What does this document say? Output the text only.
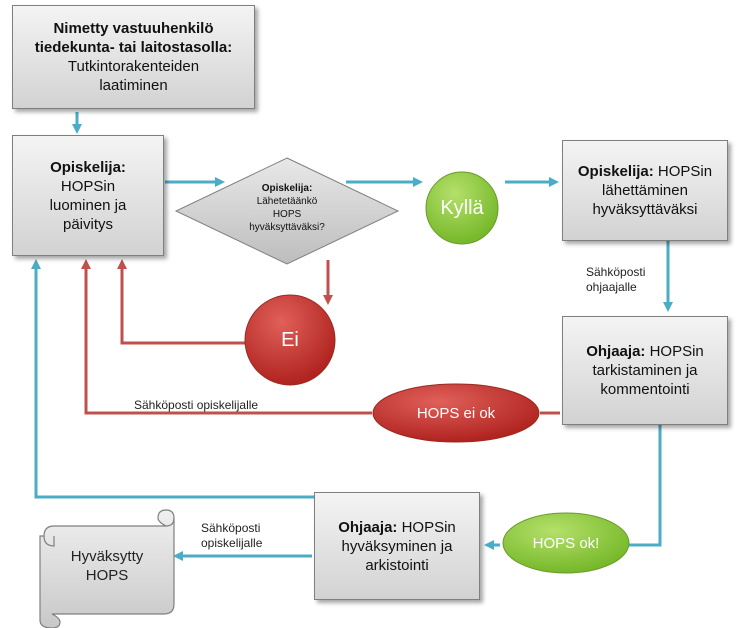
Nimetty vastuuhenkilö
tiedekunta- tai laitostasolla:
Tutkintorakenteiden
laatiminen
Opiskelija:
HOPSin
luominen ja
päivitys
Opiskelija:
Lähetetäänkö
HOPS
hyväksyttäväksi?
Kyllä
Ei
Opiskelija: HOPSin
lähettäminen
hyväksyttäväksi
Sähköposti
ohjaajalle
Ohjaaja: HOPSin
tarkistaminen ja
kommentointi
HOPS ei ok
Sähköposti opiskelijalle
Ohjaaja: HOPSin
hyväksyminen ja
arkistointi
HOPS ok!
Sähköposti
opiskelijalle
Hyväksytty
HOPS
